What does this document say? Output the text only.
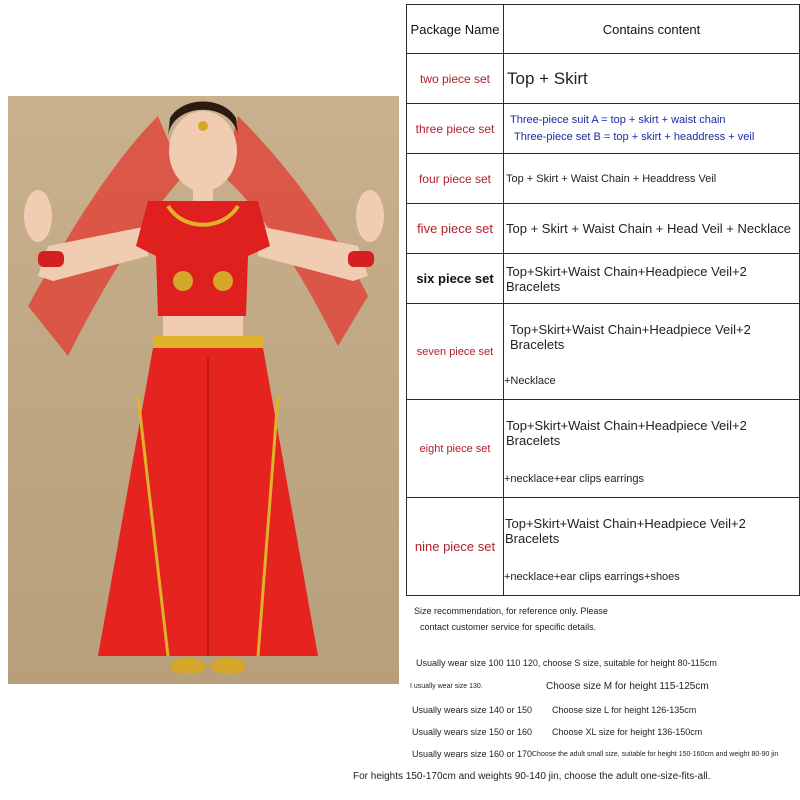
Package Name	Contains content
two piece set	Top + Skirt
three piece set	Three-piece suit A = top + skirt + waist chain
Three-piece set B = top + skirt + headdress + veil

four piece set	Top + Skirt + Waist Chain + Headdress Veil
five piece set	Top + Skirt + Waist Chain + Head Veil + Necklace
six piece set	Top+Skirt+Waist Chain+Headpiece Veil+2 Bracelets
seven piece set	Top+Skirt+Waist Chain+Headpiece Veil+2 Bracelets
+Necklace

eight piece set	Top+Skirt+Waist Chain+Headpiece Veil+2 Bracelets
+necklace+ear clips earrings

nine piece set	Top+Skirt+Waist Chain+Headpiece Veil+2 Bracelets
+necklace+ear clips earrings+shoes
Size recommendation, for reference only. Please
contact customer service for specific details.
Usually wear size 100 110 120, choose S size, suitable for height 80-115cm
I usually wear size 130.	Choose size M for height 115-125cm
Usually wears size 140 or 150 Choose size L for height 126-135cm
Usually wears size 150 or 160 Choose XL size for height 136-150cm
Usually wears size 160 or 170 Choose the adult small size, suitable for height 150-160cm and weight 80-90 jin
For heights 150-170cm and weights 90-140 jin, choose the adult one-size-fits-all.
